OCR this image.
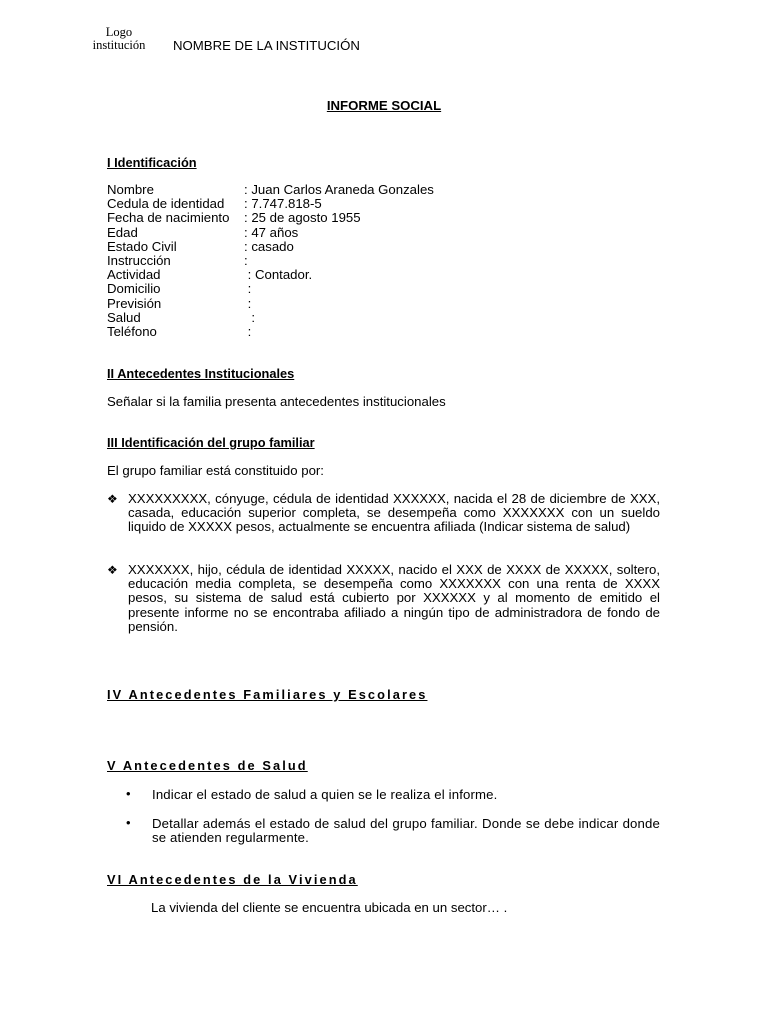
Logo
institución	NOMBRE DE LA INSTITUCIÓN
INFORME SOCIAL
I Identificación
Nombre	: Juan Carlos Araneda Gonzales
Cedula de identidad	: 7.747.818-5
Fecha de nacimiento	: 25 de agosto 1955
Edad	: 47 años
Estado Civil	: casado
Instrucción	:
Actividad	: Contador.
Domicilio	:
Previsión	:
Salud	:
Teléfono	:
II Antecedentes Institucionales
Señalar si la familia presenta antecedentes institucionales
III Identificación del grupo familiar
El grupo familiar está constituido por:
❖ XXXXXXXXX, cónyuge, cédula de identidad XXXXXX, nacida el 28 de diciembre de XXX, casada, educación superior completa, se desempeña como XXXXXXX con un sueldo liquido de XXXXX pesos, actualmente se encuentra afiliada (Indicar sistema de salud)
❖ XXXXXXX, hijo, cédula de identidad XXXXX, nacido el XXX de XXXX de XXXXX, soltero, educación media completa, se desempeña como XXXXXXX con una renta de XXXX pesos, su sistema de salud está cubierto por XXXXXX y al momento de emitido el presente informe no se encontraba afiliado a ningún tipo de administradora de fondo de pensión.
IV Antecedentes Familiares y Escolares
V Antecedentes de Salud
• Indicar el estado de salud a quien se le realiza el informe.
• Detallar además el estado de salud del grupo familiar. Donde se debe indicar donde se atienden regularmente.
VI Antecedentes de la Vivienda
La vivienda del cliente se encuentra ubicada en un sector… .
